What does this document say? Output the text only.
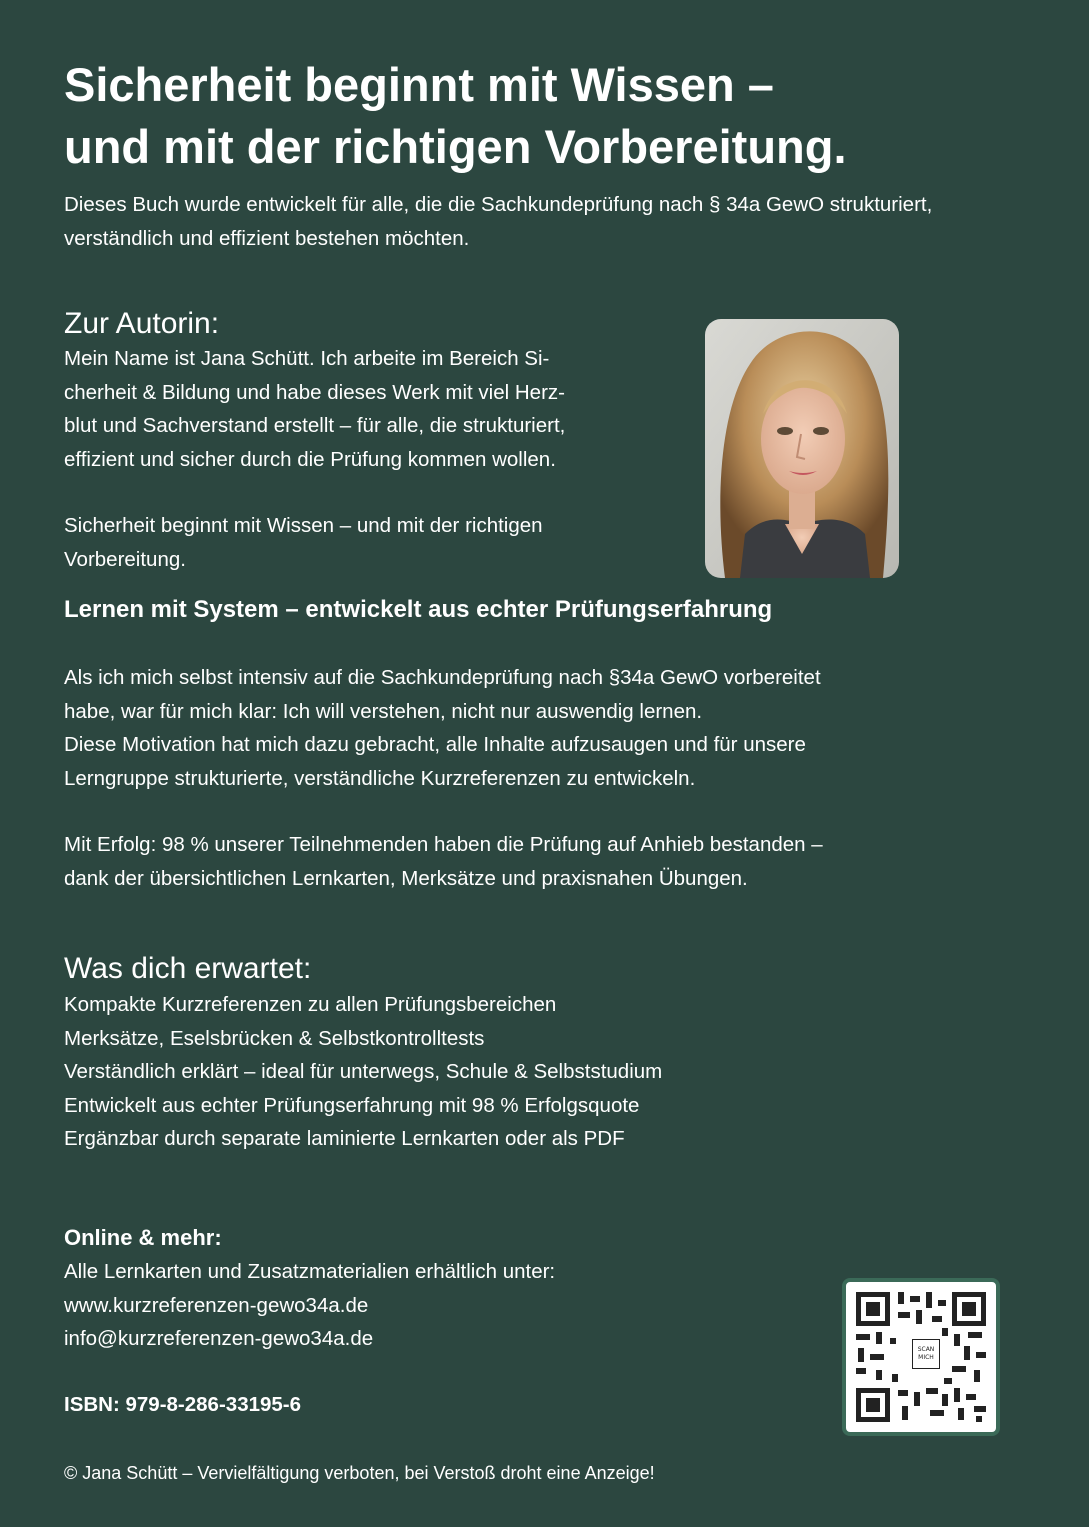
Sicherheit beginnt mit Wissen –
und mit der richtigen Vorbereitung.

Dieses Buch wurde entwickelt für alle, die die Sachkundeprüfung nach § 34a GewO strukturiert,
verständlich und effizient bestehen möchten.

Zur Autorin:

Mein Name ist Jana Schütt. Ich arbeite im Bereich Si-
cherheit & Bildung und habe dieses Werk mit viel Herz-
blut und Sachverstand erstellt – für alle, die strukturiert,
effizient und sicher durch die Prüfung kommen wollen.

Sicherheit beginnt mit Wissen – und mit der richtigen
Vorbereitung.

Lernen mit System – entwickelt aus echter Prüfungserfahrung

Als ich mich selbst intensiv auf die Sachkundeprüfung nach §34a GewO vorbereitet
habe, war für mich klar: Ich will verstehen, nicht nur auswendig lernen.
Diese Motivation hat mich dazu gebracht, alle Inhalte aufzusaugen und für unsere
Lerngruppe strukturierte, verständliche Kurzreferenzen zu entwickeln.

Mit Erfolg: 98 % unserer Teilnehmenden haben die Prüfung auf Anhieb bestanden –
dank der übersichtlichen Lernkarten, Merksätze und praxisnahen Übungen.

Was dich erwartet:
Kompakte Kurzreferenzen zu allen Prüfungsbereichen
Merksätze, Eselsbrücken & Selbstkontrolltests
Verständlich erklärt – ideal für unterwegs, Schule & Selbststudium
Entwickelt aus echter Prüfungserfahrung mit 98 % Erfolgsquote
Ergänzbar durch separate laminierte Lernkarten oder als PDF
Online & mehr:

Alle Lernkarten und Zusatzmaterialien erhältlich unter:
www.kurzreferenzen-gewo34a.de
info@kurzreferenzen-gewo34a.de

ISBN: 979-8-286-33195-6

SCAN
MICH

© Jana Schütt – Vervielfältigung verboten, bei Verstoß droht eine Anzeige!
